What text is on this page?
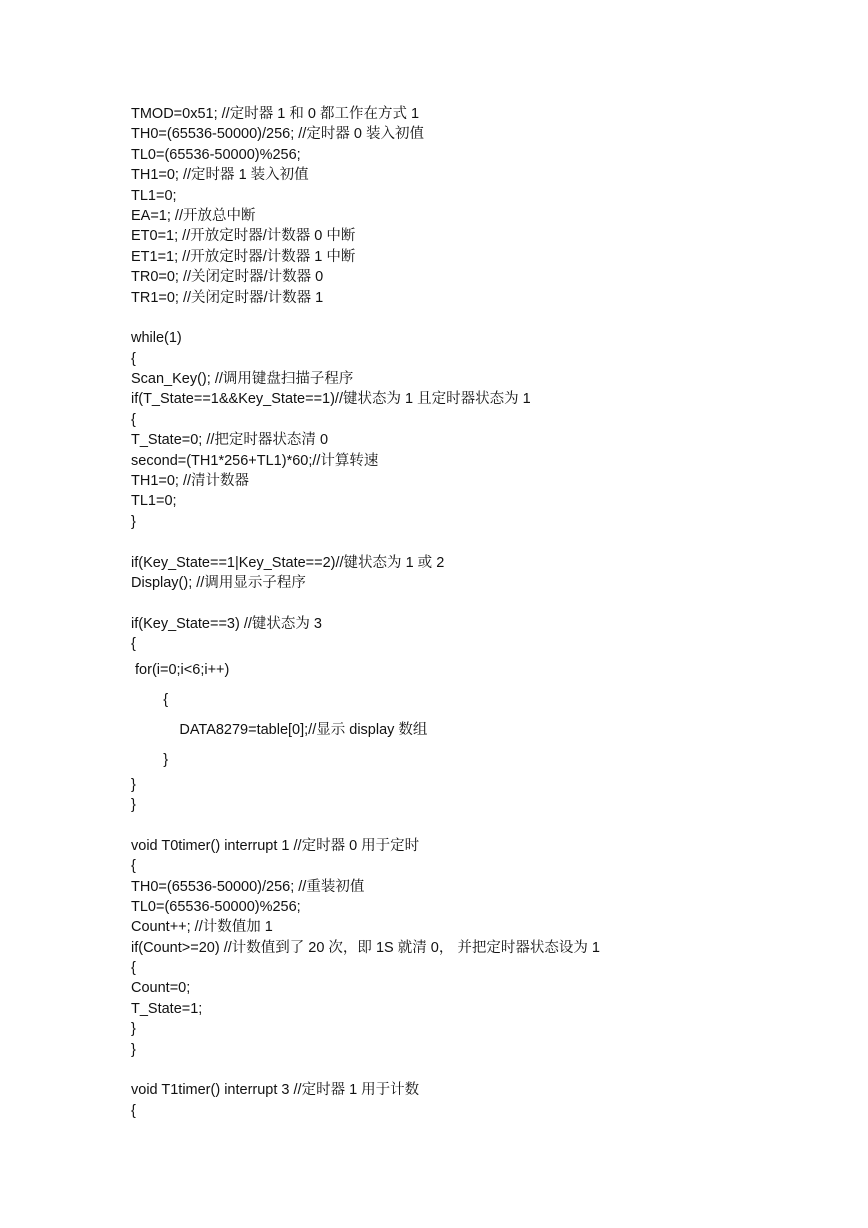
TMOD=0x51; //定时器 1 和 0 都工作在方式 1
TH0=(65536-50000)/256; //定时器 0 装入初值
TL0=(65536-50000)%256;
TH1=0; //定时器 1 装入初值
TL1=0;
EA=1; //开放总中断
ET0=1; //开放定时器/计数器 0 中断
ET1=1; //开放定时器/计数器 1 中断
TR0=0; //关闭定时器/计数器 0
TR1=0; //关闭定时器/计数器 1
while(1)
{
Scan_Key(); //调用键盘扫描子程序
if(T_State==1&&Key_State==1)//键状态为 1 且定时器状态为 1
{
T_State=0; //把定时器状态清 0
second=(TH1*256+TL1)*60;//计算转速
TH1=0; //清计数器
TL1=0;
}
if(Key_State==1|Key_State==2)//键状态为 1 或 2
Display(); //调用显示子程序
if(Key_State==3) //键状态为 3
{
for(i=0;i<6;i++)
{
DATA8279=table[0];//显示 display 数组
}
}
}
void T0timer() interrupt 1 //定时器 0 用于定时
{
TH0=(65536-50000)/256; //重装初值
TL0=(65536-50000)%256;
Count++; //计数值加 1
if(Count>=20) //计数值到了 20 次，即 1S 就清 0， 并把定时器状态设为 1
{
Count=0;
T_State=1;
}
}
void T1timer() interrupt 3 //定时器 1 用于计数
{
